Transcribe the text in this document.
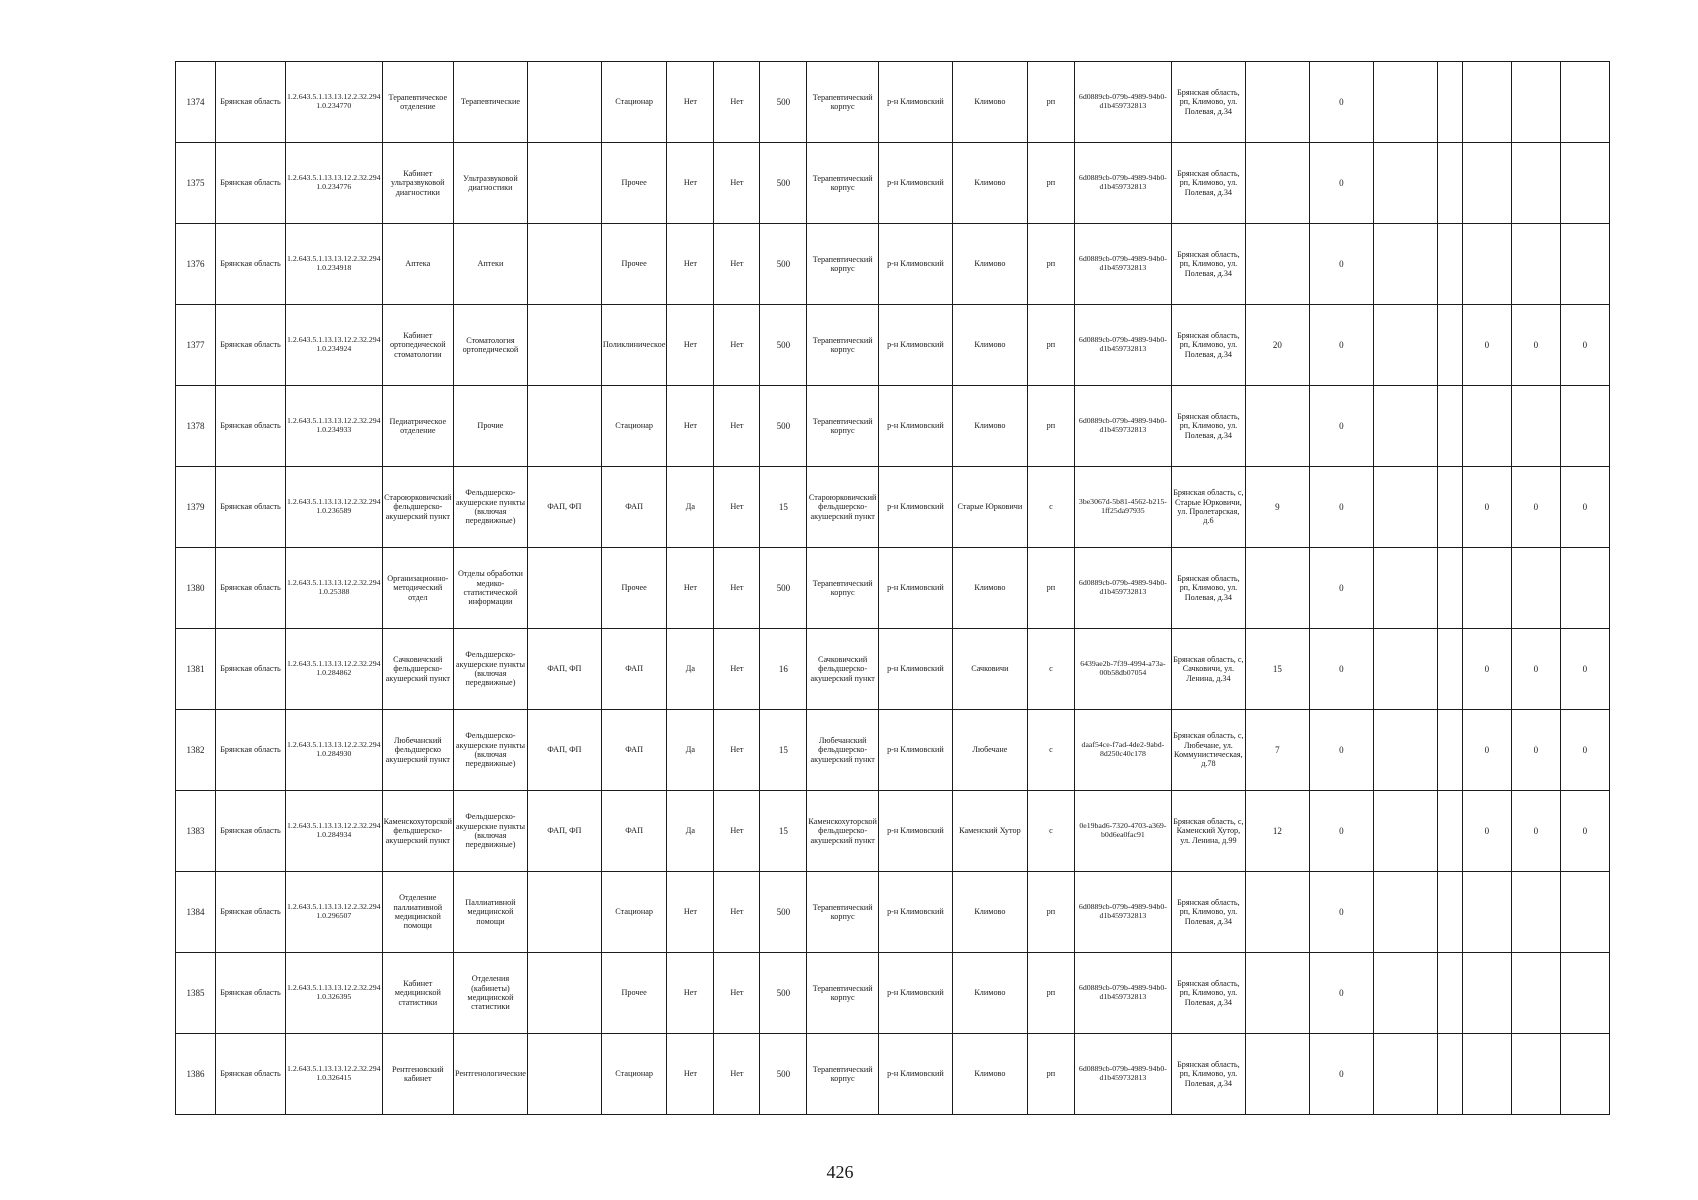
1374	Брянская область	1.2.643.5.1.13.13.12.2.32.294 1.0.234770	Терапевтическое отделение	Терапевтические		Стационар	Нет	Нет	500	Терапевтический корпус	р-н Климовский	Климово	рп	6d0889cb-079b-4989-94b0-d1b459732813	Брянская область, рп, Климово, ул. Полевая, д.34		0					
1375	Брянская область	1.2.643.5.1.13.13.12.2.32.294 1.0.234776	Кабинет ультразвуковой диагностики	Ультразвуковой диагностики		Прочее	Нет	Нет	500	Терапевтический корпус	р-н Климовский	Климово	рп	6d0889cb-079b-4989-94b0-d1b459732813	Брянская область, рп, Климово, ул. Полевая, д.34		0					
1376	Брянская область	1.2.643.5.1.13.13.12.2.32.294 1.0.234918	Аптека	Аптеки		Прочее	Нет	Нет	500	Терапевтический корпус	р-н Климовский	Климово	рп	6d0889cb-079b-4989-94b0-d1b459732813	Брянская область, рп, Климово, ул. Полевая, д.34		0					
1377	Брянская область	1.2.643.5.1.13.13.12.2.32.294 1.0.234924	Кабинет ортопедической стоматологии	Стоматология ортопедической		Поликлиническое	Нет	Нет	500	Терапевтический корпус	р-н Климовский	Климово	рп	6d0889cb-079b-4989-94b0-d1b459732813	Брянская область, рп, Климово, ул. Полевая, д.34	20	0			0	0	0
1378	Брянская область	1.2.643.5.1.13.13.12.2.32.294 1.0.234933	Педиатрическое отделение	Прочие		Стационар	Нет	Нет	500	Терапевтический корпус	р-н Климовский	Климово	рп	6d0889cb-079b-4989-94b0-d1b459732813	Брянская область, рп, Климово, ул. Полевая, д.34		0					
1379	Брянская область	1.2.643.5.1.13.13.12.2.32.294 1.0.236589	Староюрковичский фельдшерско-акушерский пункт	Фельдшерско-акушерские пункты (включая передвижные)	ФАП, ФП	ФАП	Да	Нет	15	Староюрковичский фельдшерско-акушерский пункт	р-н Климовский	Старые Юрковичи	с	3be3067d-5b81-4562-b215-1ff25da97935	Брянская область, с, Старые Юрковичи, ул. Пролетарская, д.6	9	0			0	0	0
1380	Брянская область	1.2.643.5.1.13.13.12.2.32.294 1.0.25388	Организационно-методический отдел	Отделы обработки медико-статистической информации		Прочее	Нет	Нет	500	Терапевтический корпус	р-н Климовский	Климово	рп	6d0889cb-079b-4989-94b0-d1b459732813	Брянская область, рп, Климово, ул. Полевая, д.34		0					
1381	Брянская область	1.2.643.5.1.13.13.12.2.32.294 1.0.284862	Сачковичский фельдшерско-акушерский пункт	Фельдшерско-акушерские пункты (включая передвижные)	ФАП, ФП	ФАП	Да	Нет	16	Сачковичский фельдшерско-акушерский пункт	р-н Климовский	Сачковичи	с	6439ae2b-7f39-4994-a73a-00b58db07054	Брянская область, с, Сачковичи, ул. Ленина, д.34	15	0			0	0	0
1382	Брянская область	1.2.643.5.1.13.13.12.2.32.294 1.0.284930	Любечанский фельдшерско акушерский пункт	Фельдшерско-акушерские пункты (включая передвижные)	ФАП, ФП	ФАП	Да	Нет	15	Любечанский фельдшерско-акушерский пункт	р-н Климовский	Любечане	с	daaf54ce-f7ad-4de2-9abd-8d250c40c178	Брянская область, с, Любечане, ул. Коммунистическая, д.78	7	0			0	0	0
1383	Брянская область	1.2.643.5.1.13.13.12.2.32.294 1.0.284934	Каменскохуторской фельдшерско-акушерский пункт	Фельдшерско-акушерские пункты (включая передвижные)	ФАП, ФП	ФАП	Да	Нет	15	Каменскохуторской фельдшерско-акушерский пункт	р-н Климовский	Каменский Хутор	с	0e19bad6-7320-4703-a369-b0d6ea0fac91	Брянская область, с, Каменский Хутор, ул. Ленина, д.99	12	0			0	0	0
1384	Брянская область	1.2.643.5.1.13.13.12.2.32.294 1.0.296507	Отделение паллиативной медицинской помощи	Паллиативной медицинской помощи		Стационар	Нет	Нет	500	Терапевтический корпус	р-н Климовский	Климово	рп	6d0889cb-079b-4989-94b0-d1b459732813	Брянская область, рп, Климово, ул. Полевая, д.34		0					
1385	Брянская область	1.2.643.5.1.13.13.12.2.32.294 1.0.326395	Кабинет медицинской статистики	Отделения (кабинеты) медицинской статистики		Прочее	Нет	Нет	500	Терапевтический корпус	р-н Климовский	Климово	рп	6d0889cb-079b-4989-94b0-d1b459732813	Брянская область, рп, Климово, ул. Полевая, д.34		0					
1386	Брянская область	1.2.643.5.1.13.13.12.2.32.294 1.0.326415	Рентгеновский кабинет	Рентгенологические		Стационар	Нет	Нет	500	Терапевтический корпус	р-н Климовский	Климово	рп	6d0889cb-079b-4989-94b0-d1b459732813	Брянская область, рп, Климово, ул. Полевая, д.34		0					
426
